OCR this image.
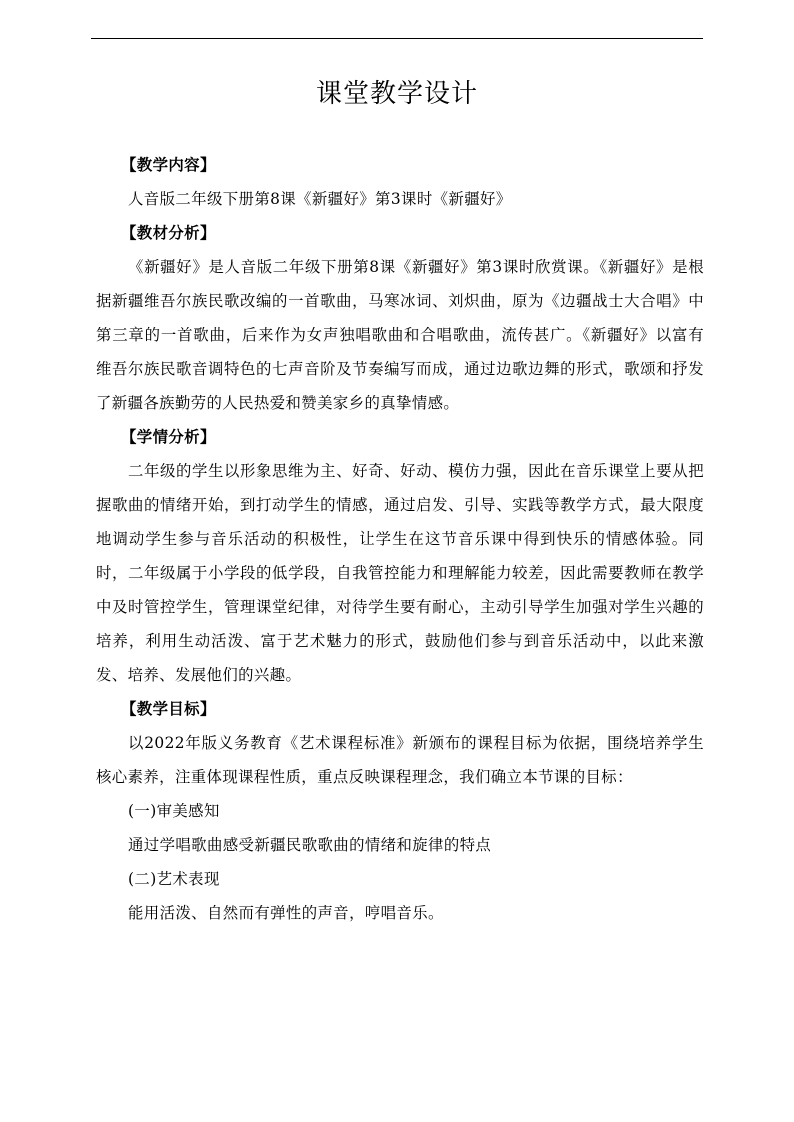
课堂教学设计

【教学内容】

人音版二年级下册第8课《新疆好》第3课时《新疆好》

【教材分析】

《新疆好》是人音版二年级下册第8课《新疆好》第3课时欣赏课。《新疆好》是根据新疆维吾尔族民歌改编的一首歌曲，马寒冰词、刘炽曲，原为《边疆战士大合唱》中第三章的一首歌曲，后来作为女声独唱歌曲和合唱歌曲，流传甚广。《新疆好》以富有维吾尔族民歌音调特色的七声音阶及节奏编写而成，通过边歌边舞的形式，歌颂和抒发了新疆各族勤劳的人民热爱和赞美家乡的真挚情感。

【学情分析】

二年级的学生以形象思维为主、好奇、好动、模仿力强，因此在音乐课堂上要从把握歌曲的情绪开始，到打动学生的情感，通过启发、引导、实践等教学方式，最大限度地调动学生参与音乐活动的积极性，让学生在这节音乐课中得到快乐的情感体验。同时，二年级属于小学段的低学段，自我管控能力和理解能力较差，因此需要教师在教学中及时管控学生，管理课堂纪律，对待学生要有耐心，主动引导学生加强对学生兴趣的培养，利用生动活泼、富于艺术魅力的形式，鼓励他们参与到音乐活动中，以此来激发、培养、发展他们的兴趣。

【教学目标】

以2022年版义务教育《艺术课程标准》新颁布的课程目标为依据，围绕培养学生核心素养，注重体现课程性质，重点反映课程理念，我们确立本节课的目标：

(一)审美感知

通过学唱歌曲感受新疆民歌歌曲的情绪和旋律的特点

(二)艺术表现

能用活泼、自然而有弹性的声音，哼唱音乐。
